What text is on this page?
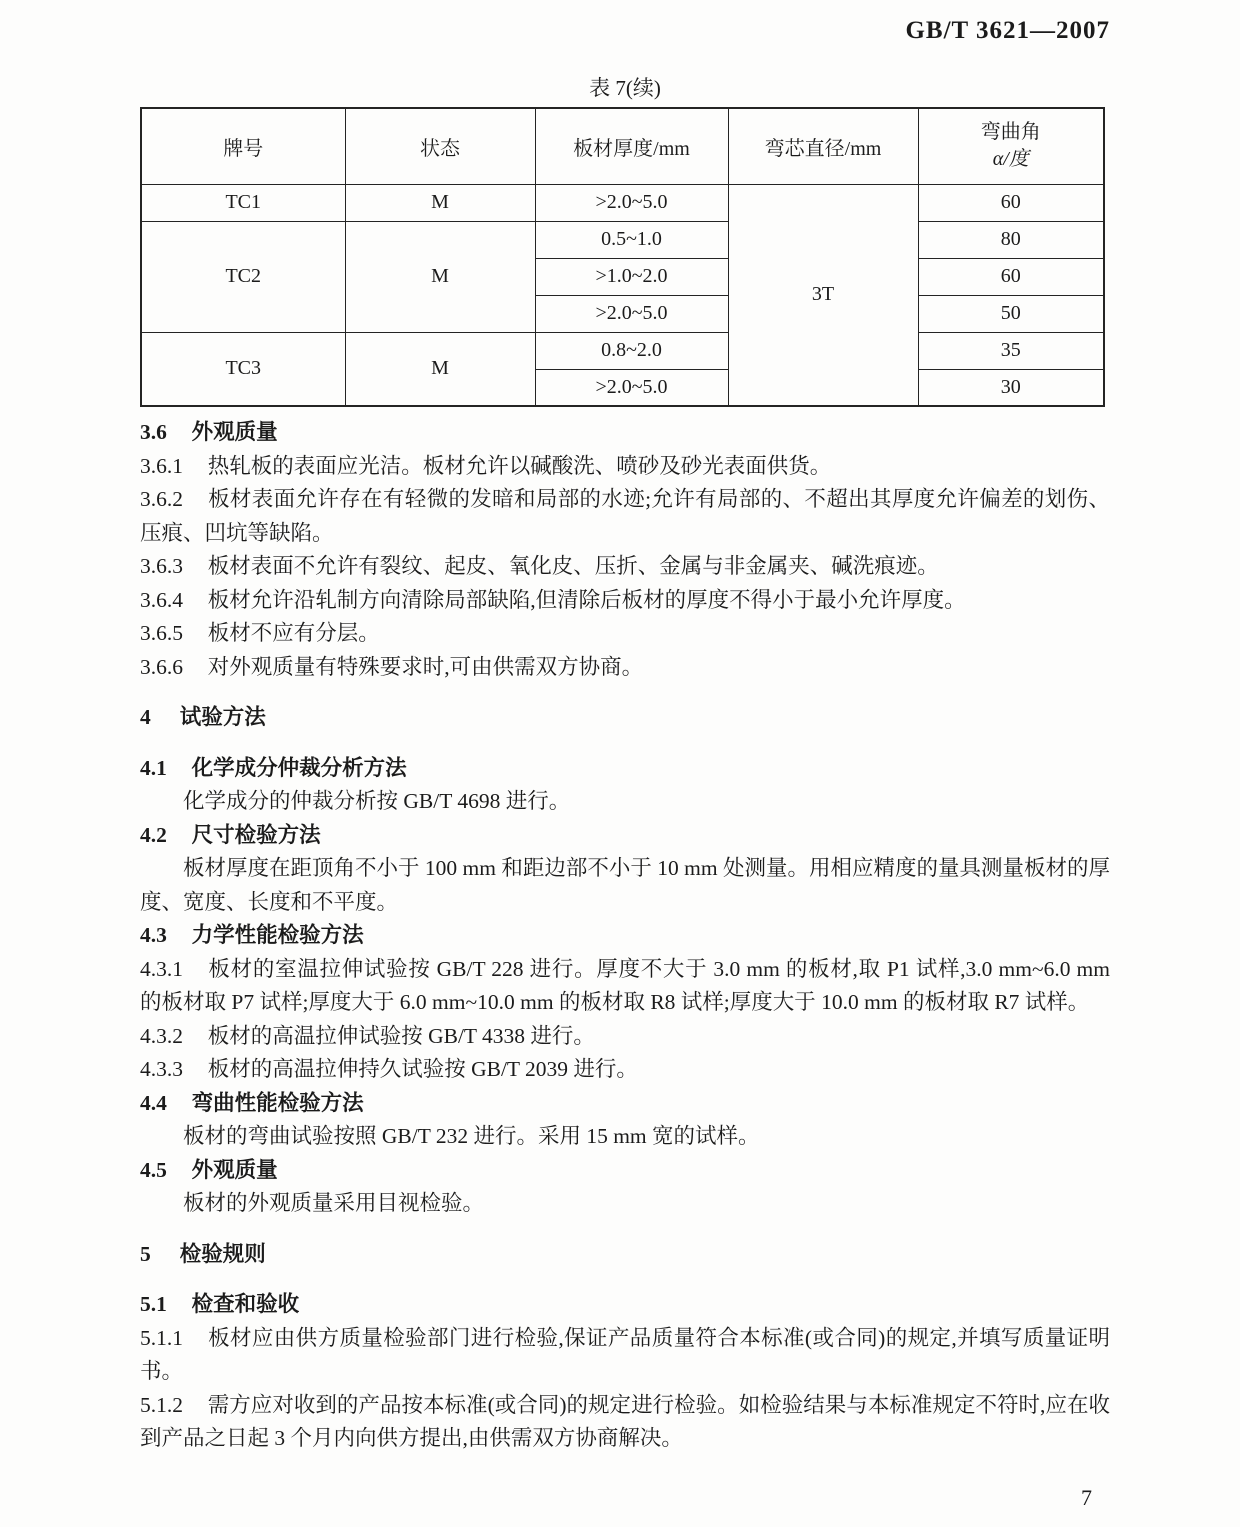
GB/T 3621—2007
表 7(续)
牌号	状态	板材厚度/mm	弯芯直径/mm	弯曲角
α/度

TC1	M	>2.0~5.0	3T	60
TC2	M	0.5~1.0		80
		>1.0~2.0		60
		>2.0~5.0		50
TC3	M	0.8~2.0		35
		>2.0~5.0		30

3.6 外观质量

3.6.1 热轧板的表面应光洁。板材允许以碱酸洗、喷砂及砂光表面供货。

3.6.2 板材表面允许存在有轻微的发暗和局部的水迹;允许有局部的、不超出其厚度允许偏差的划伤、压痕、凹坑等缺陷。

3.6.3 板材表面不允许有裂纹、起皮、氧化皮、压折、金属与非金属夹、碱洗痕迹。

3.6.4 板材允许沿轧制方向清除局部缺陷,但清除后板材的厚度不得小于最小允许厚度。

3.6.5 板材不应有分层。

3.6.6 对外观质量有特殊要求时,可由供需双方协商。

4 试验方法

4.1 化学成分仲裁分析方法

化学成分的仲裁分析按 GB/T 4698 进行。

4.2 尺寸检验方法

板材厚度在距顶角不小于 100 mm 和距边部不小于 10 mm 处测量。用相应精度的量具测量板材的厚度、宽度、长度和不平度。

4.3 力学性能检验方法

4.3.1 板材的室温拉伸试验按 GB/T 228 进行。厚度不大于 3.0 mm 的板材,取 P1 试样,3.0 mm~6.0 mm 的板材取 P7 试样;厚度大于 6.0 mm~10.0 mm 的板材取 R8 试样;厚度大于 10.0 mm 的板材取 R7 试样。

4.3.2 板材的高温拉伸试验按 GB/T 4338 进行。

4.3.3 板材的高温拉伸持久试验按 GB/T 2039 进行。

4.4 弯曲性能检验方法

板材的弯曲试验按照 GB/T 232 进行。采用 15 mm 宽的试样。

4.5 外观质量

板材的外观质量采用目视检验。

5 检验规则

5.1 检查和验收

5.1.1 板材应由供方质量检验部门进行检验,保证产品质量符合本标准(或合同)的规定,并填写质量证明书。

5.1.2 需方应对收到的产品按本标准(或合同)的规定进行检验。如检验结果与本标准规定不符时,应在收到产品之日起 3 个月内向供方提出,由供需双方协商解决。

7
